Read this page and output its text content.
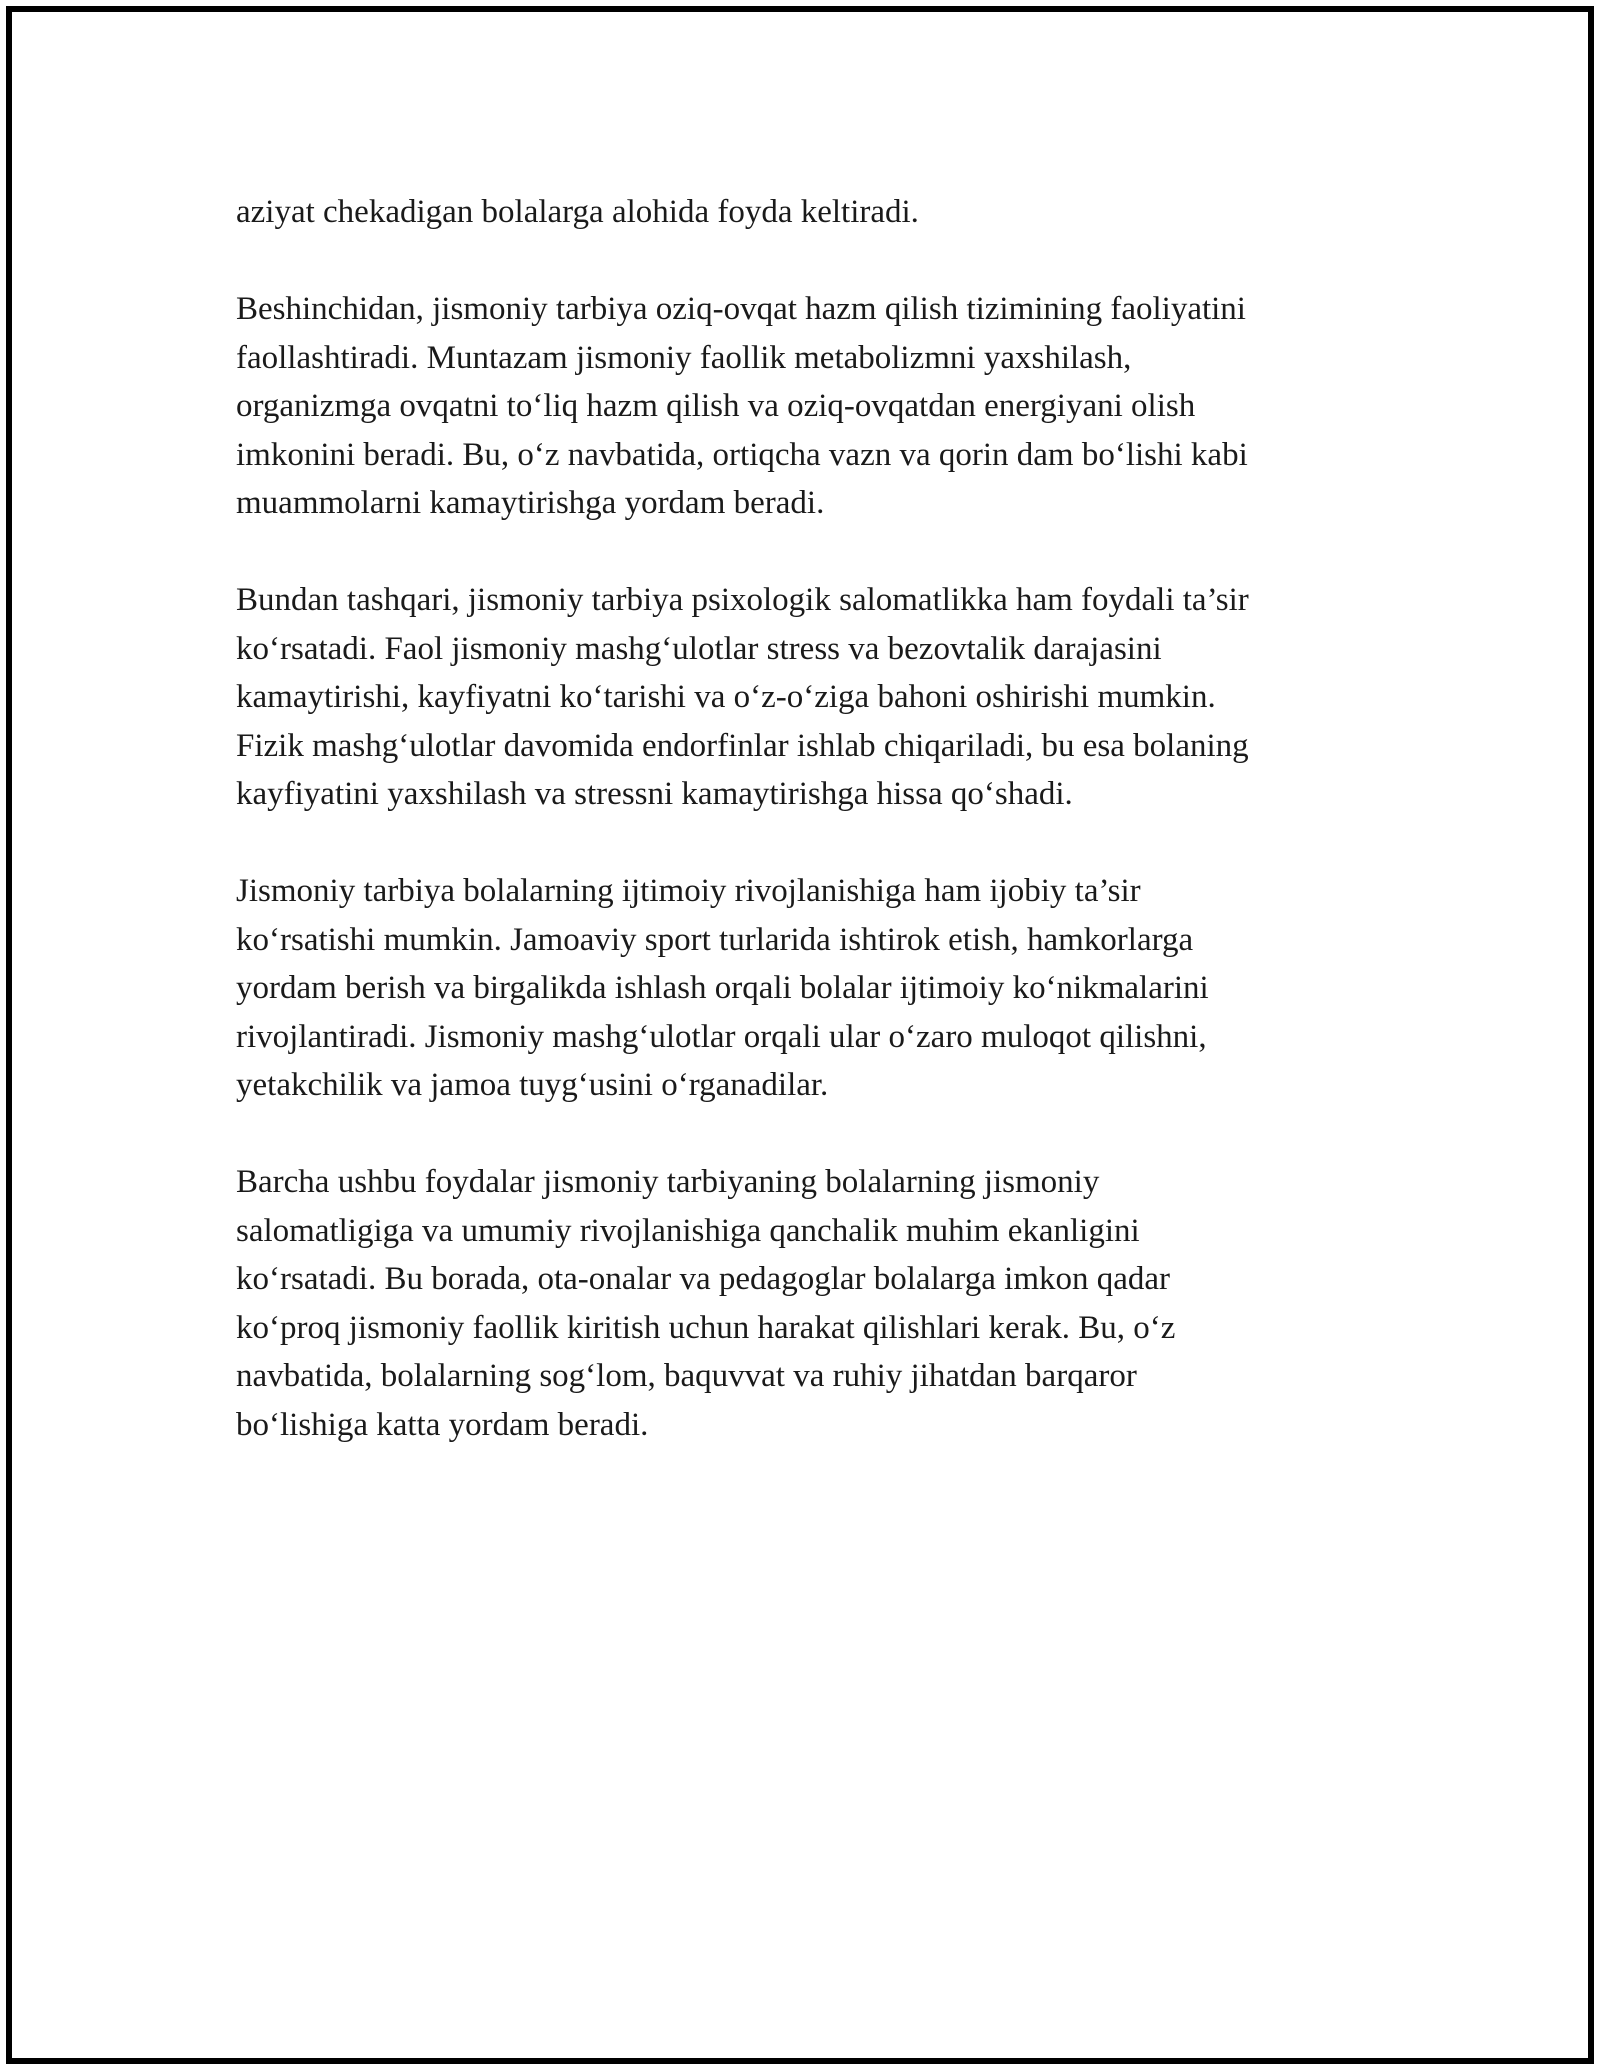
aziyat chekadigan bolalarga alohida foyda keltiradi.

Beshinchidan, jismoniy tarbiya oziq-ovqat hazm qilish tizimining faoliyatini
faollashtiradi. Muntazam jismoniy faollik metabolizmni yaxshilash,
organizmga ovqatni to‘liq hazm qilish va oziq-ovqatdan energiyani olish
imkonini beradi. Bu, o‘z navbatida, ortiqcha vazn va qorin dam bo‘lishi kabi
muammolarni kamaytirishga yordam beradi.

Bundan tashqari, jismoniy tarbiya psixologik salomatlikka ham foydali ta’sir
ko‘rsatadi. Faol jismoniy mashg‘ulotlar stress va bezovtalik darajasini
kamaytirishi, kayfiyatni ko‘tarishi va o‘z-o‘ziga bahoni oshirishi mumkin.
Fizik mashg‘ulotlar davomida endorfinlar ishlab chiqariladi, bu esa bolaning
kayfiyatini yaxshilash va stressni kamaytirishga hissa qo‘shadi.

Jismoniy tarbiya bolalarning ijtimoiy rivojlanishiga ham ijobiy ta’sir
ko‘rsatishi mumkin. Jamoaviy sport turlarida ishtirok etish, hamkorlarga
yordam berish va birgalikda ishlash orqali bolalar ijtimoiy ko‘nikmalarini
rivojlantiradi. Jismoniy mashg‘ulotlar orqali ular o‘zaro muloqot qilishni,
yetakchilik va jamoa tuyg‘usini o‘rganadilar.

Barcha ushbu foydalar jismoniy tarbiyaning bolalarning jismoniy
salomatligiga va umumiy rivojlanishiga qanchalik muhim ekanligini
ko‘rsatadi. Bu borada, ota-onalar va pedagoglar bolalarga imkon qadar
ko‘proq jismoniy faollik kiritish uchun harakat qilishlari kerak. Bu, o‘z
navbatida, bolalarning sog‘lom, baquvvat va ruhiy jihatdan barqaror
bo‘lishiga katta yordam beradi.
